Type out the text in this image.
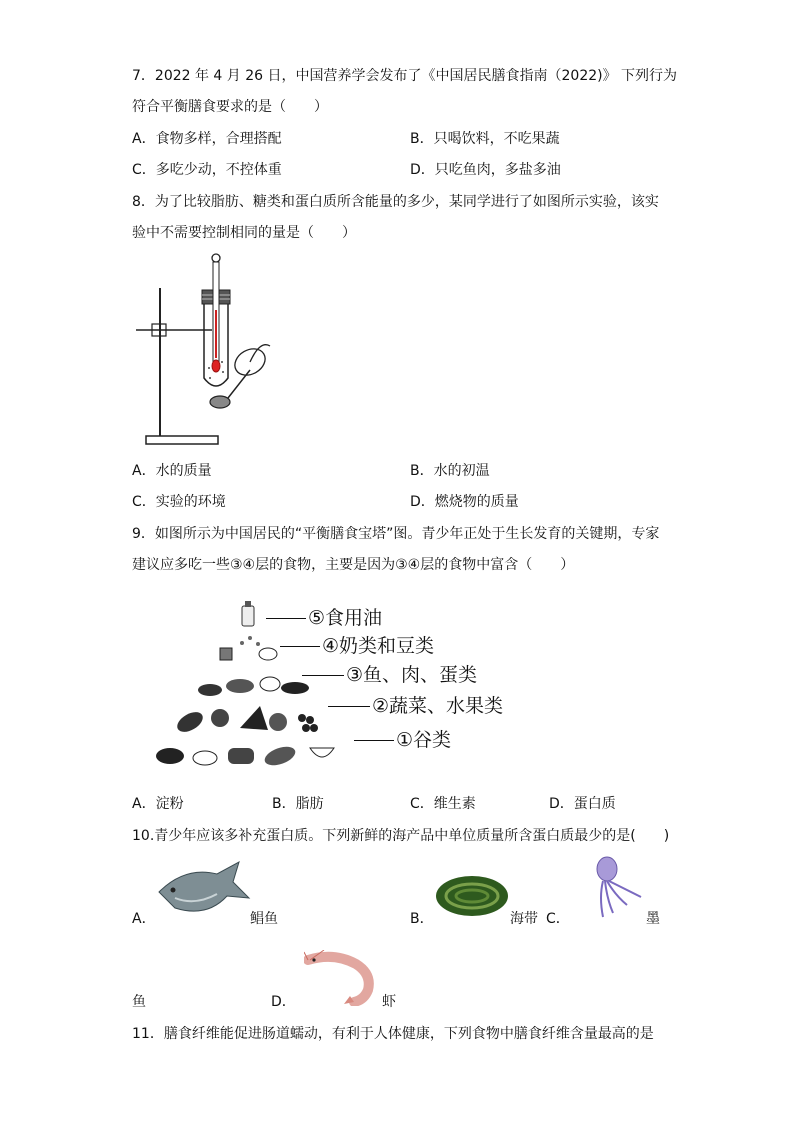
7．2022 年 4 月 26 日，中国营养学会发布了《中国居民膳食指南（2022)》 下列行为
符合平衡膳食要求的是（　　）
A．食物多样，合理搭配	B．只喝饮料，不吃果蔬
C．多吃少动，不控体重	D．只吃鱼肉，多盐多油
8．为了比较脂肪、糖类和蛋白质所含能量的多少，某同学进行了如图所示实验，该实
验中不需要控制相同的量是（　　）
A．水的质量	B．水的初温
C．实验的环境	D．燃烧物的质量
9．如图所示为中国居民的“平衡膳食宝塔”图。青少年正处于生长发育的关键期，专家
建议应多吃一些③④层的食物，主要是因为③④层的食物中富含（　　）
⑤食用油
④奶类和豆类
③鱼、肉、蛋类
②蔬菜、水果类
①谷类
A．淀粉	B．脂肪	C．维生素	D．蛋白质
10.青少年应该多补充蛋白质。下列新鲜的海产品中单位质量所含蛋白质最少的是(　　)
A．	鲳鱼	B．	海带 C．	墨
鱼	D．	虾
11．膳食纤维能促进肠道蠕动，有利于人体健康，下列食物中膳食纤维含量最高的是
